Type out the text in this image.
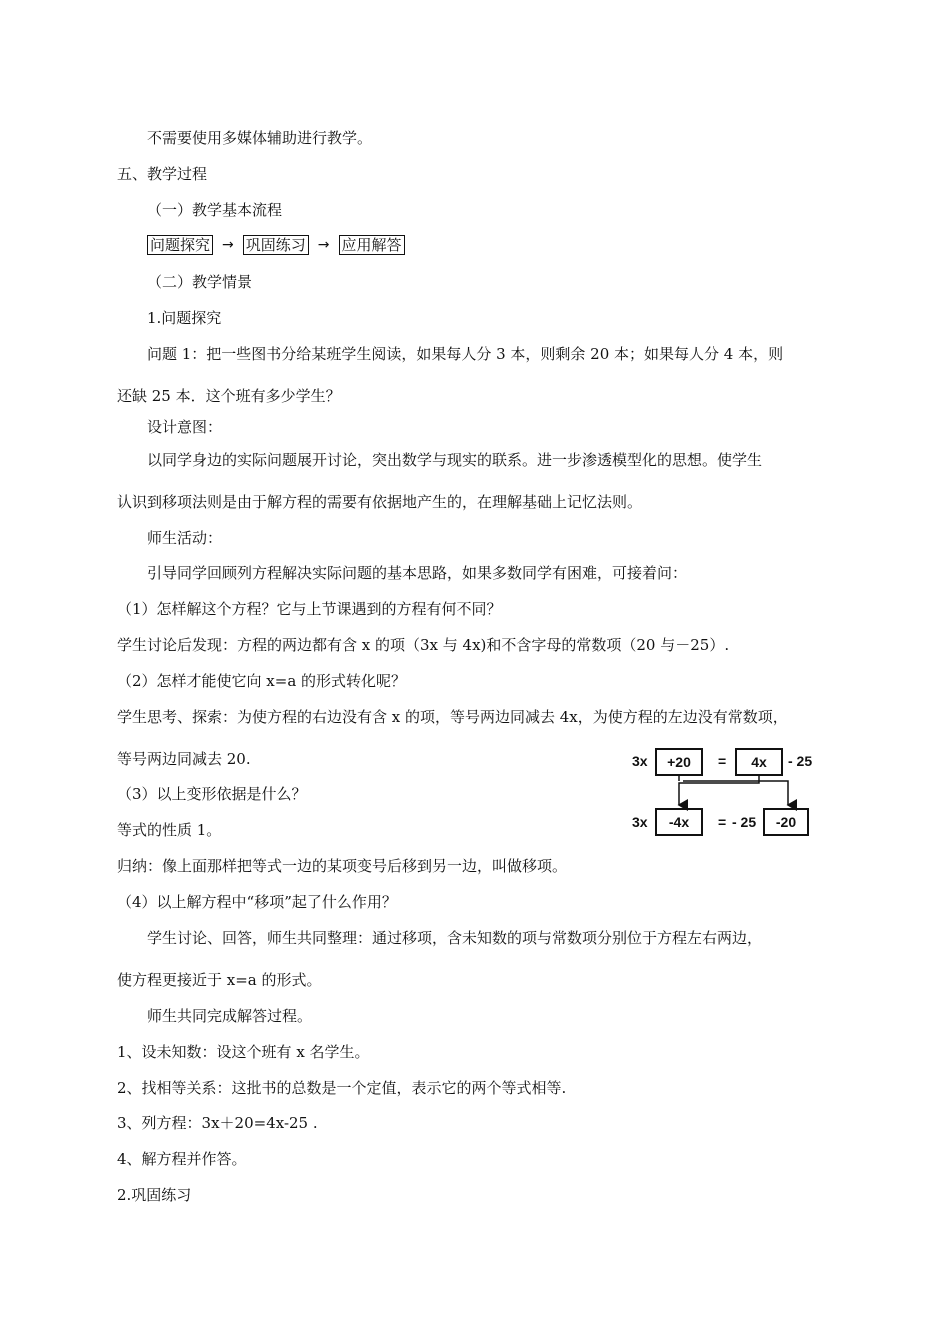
不需要使用多媒体辅助进行教学。
五、教学过程
（一）教学基本流程
（二）教学情景
1.问题探究
问题 1：把一些图书分给某班学生阅读，如果每人分 3 本，则剩余 20 本；如果每人分 4 本，则
还缺 25 本．这个班有多少学生？
设计意图：
以同学身边的实际问题展开讨论，突出数学与现实的联系。进一步渗透模型化的思想。使学生
认识到移项法则是由于解方程的需要有依据地产生的，在理解基础上记忆法则。
师生活动：
引导同学回顾列方程解决实际问题的基本思路，如果多数同学有困难，可接着问：
（1）怎样解这个方程？它与上节课遇到的方程有何不同？
学生讨论后发现：方程的两边都有含 x 的项（3x 与 4x)和不含字母的常数项（20 与－25）.
（2）怎样才能使它向 x=a 的形式转化呢？
学生思考、探索：为使方程的右边没有含 x 的项，等号两边同减去 4x，为使方程的左边没有常数项，
等号两边同减去 20.
（3）以上变形依据是什么？
等式的性质 1。
归纳：像上面那样把等式一边的某项变号后移到另一边，叫做移项。
（4）以上解方程中“移项”起了什么作用？
学生讨论、回答，师生共同整理：通过移项，含未知数的项与常数项分别位于方程左右两边，
使方程更接近于 x=a 的形式。
师生共同完成解答过程。
1、设未知数：设这个班有 x 名学生。
2、找相等关系：这批书的总数是一个定值，表示它的两个等式相等.
3、列方程：3x＋20=4x-25 .
4、解方程并作答。
2.巩固练习
问题探究 → 巩固练习 → 应用解答
3x +20 = 4x - 25
3x -4x = - 25 -20
